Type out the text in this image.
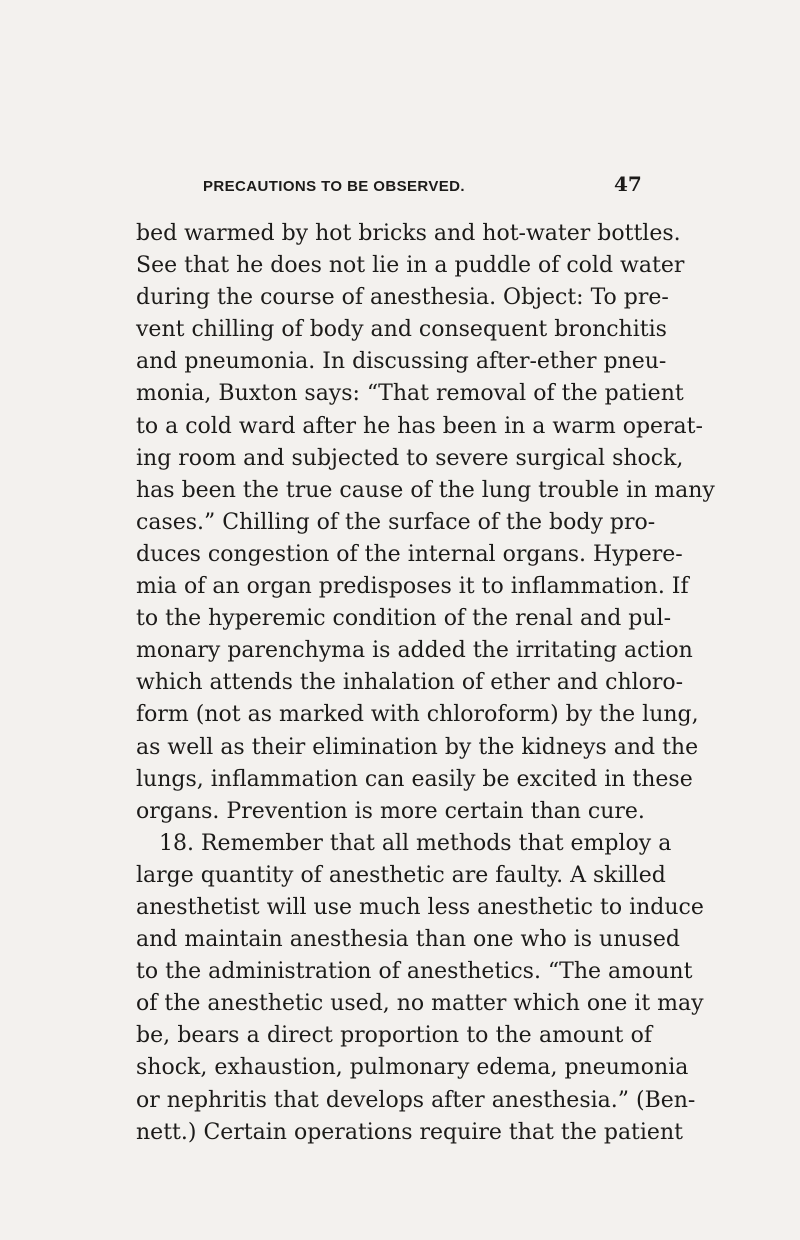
PRECAUTIONS TO BE OBSERVED.	47
bed warmed by hot bricks and hot-water bottles.
See that he does not lie in a puddle of cold water
during the course of anesthesia. Object: To pre-
vent chilling of body and consequent bronchitis
and pneumonia. In discussing after-ether pneu-
monia, Buxton says: “That removal of the patient
to a cold ward after he has been in a warm operat-
ing room and subjected to severe surgical shock,
has been the true cause of the lung trouble in many
cases.” Chilling of the surface of the body pro-
duces congestion of the internal organs. Hypere-
mia of an organ predisposes it to inflammation. If
to the hyperemic condition of the renal and pul-
monary parenchyma is added the irritating action
which attends the inhalation of ether and chloro-
form (not as marked with chloroform) by the lung,
as well as their elimination by the kidneys and the
lungs, inflammation can easily be excited in these
organs. Prevention is more certain than cure.
18. Remember that all methods that employ a
large quantity of anesthetic are faulty. A skilled
anesthetist will use much less anesthetic to induce
and maintain anesthesia than one who is unused
to the administration of anesthetics. “The amount
of the anesthetic used, no matter which one it may
be, bears a direct proportion to the amount of
shock, exhaustion, pulmonary edema, pneumonia
or nephritis that develops after anesthesia.” (Ben-
nett.) Certain operations require that the patient
